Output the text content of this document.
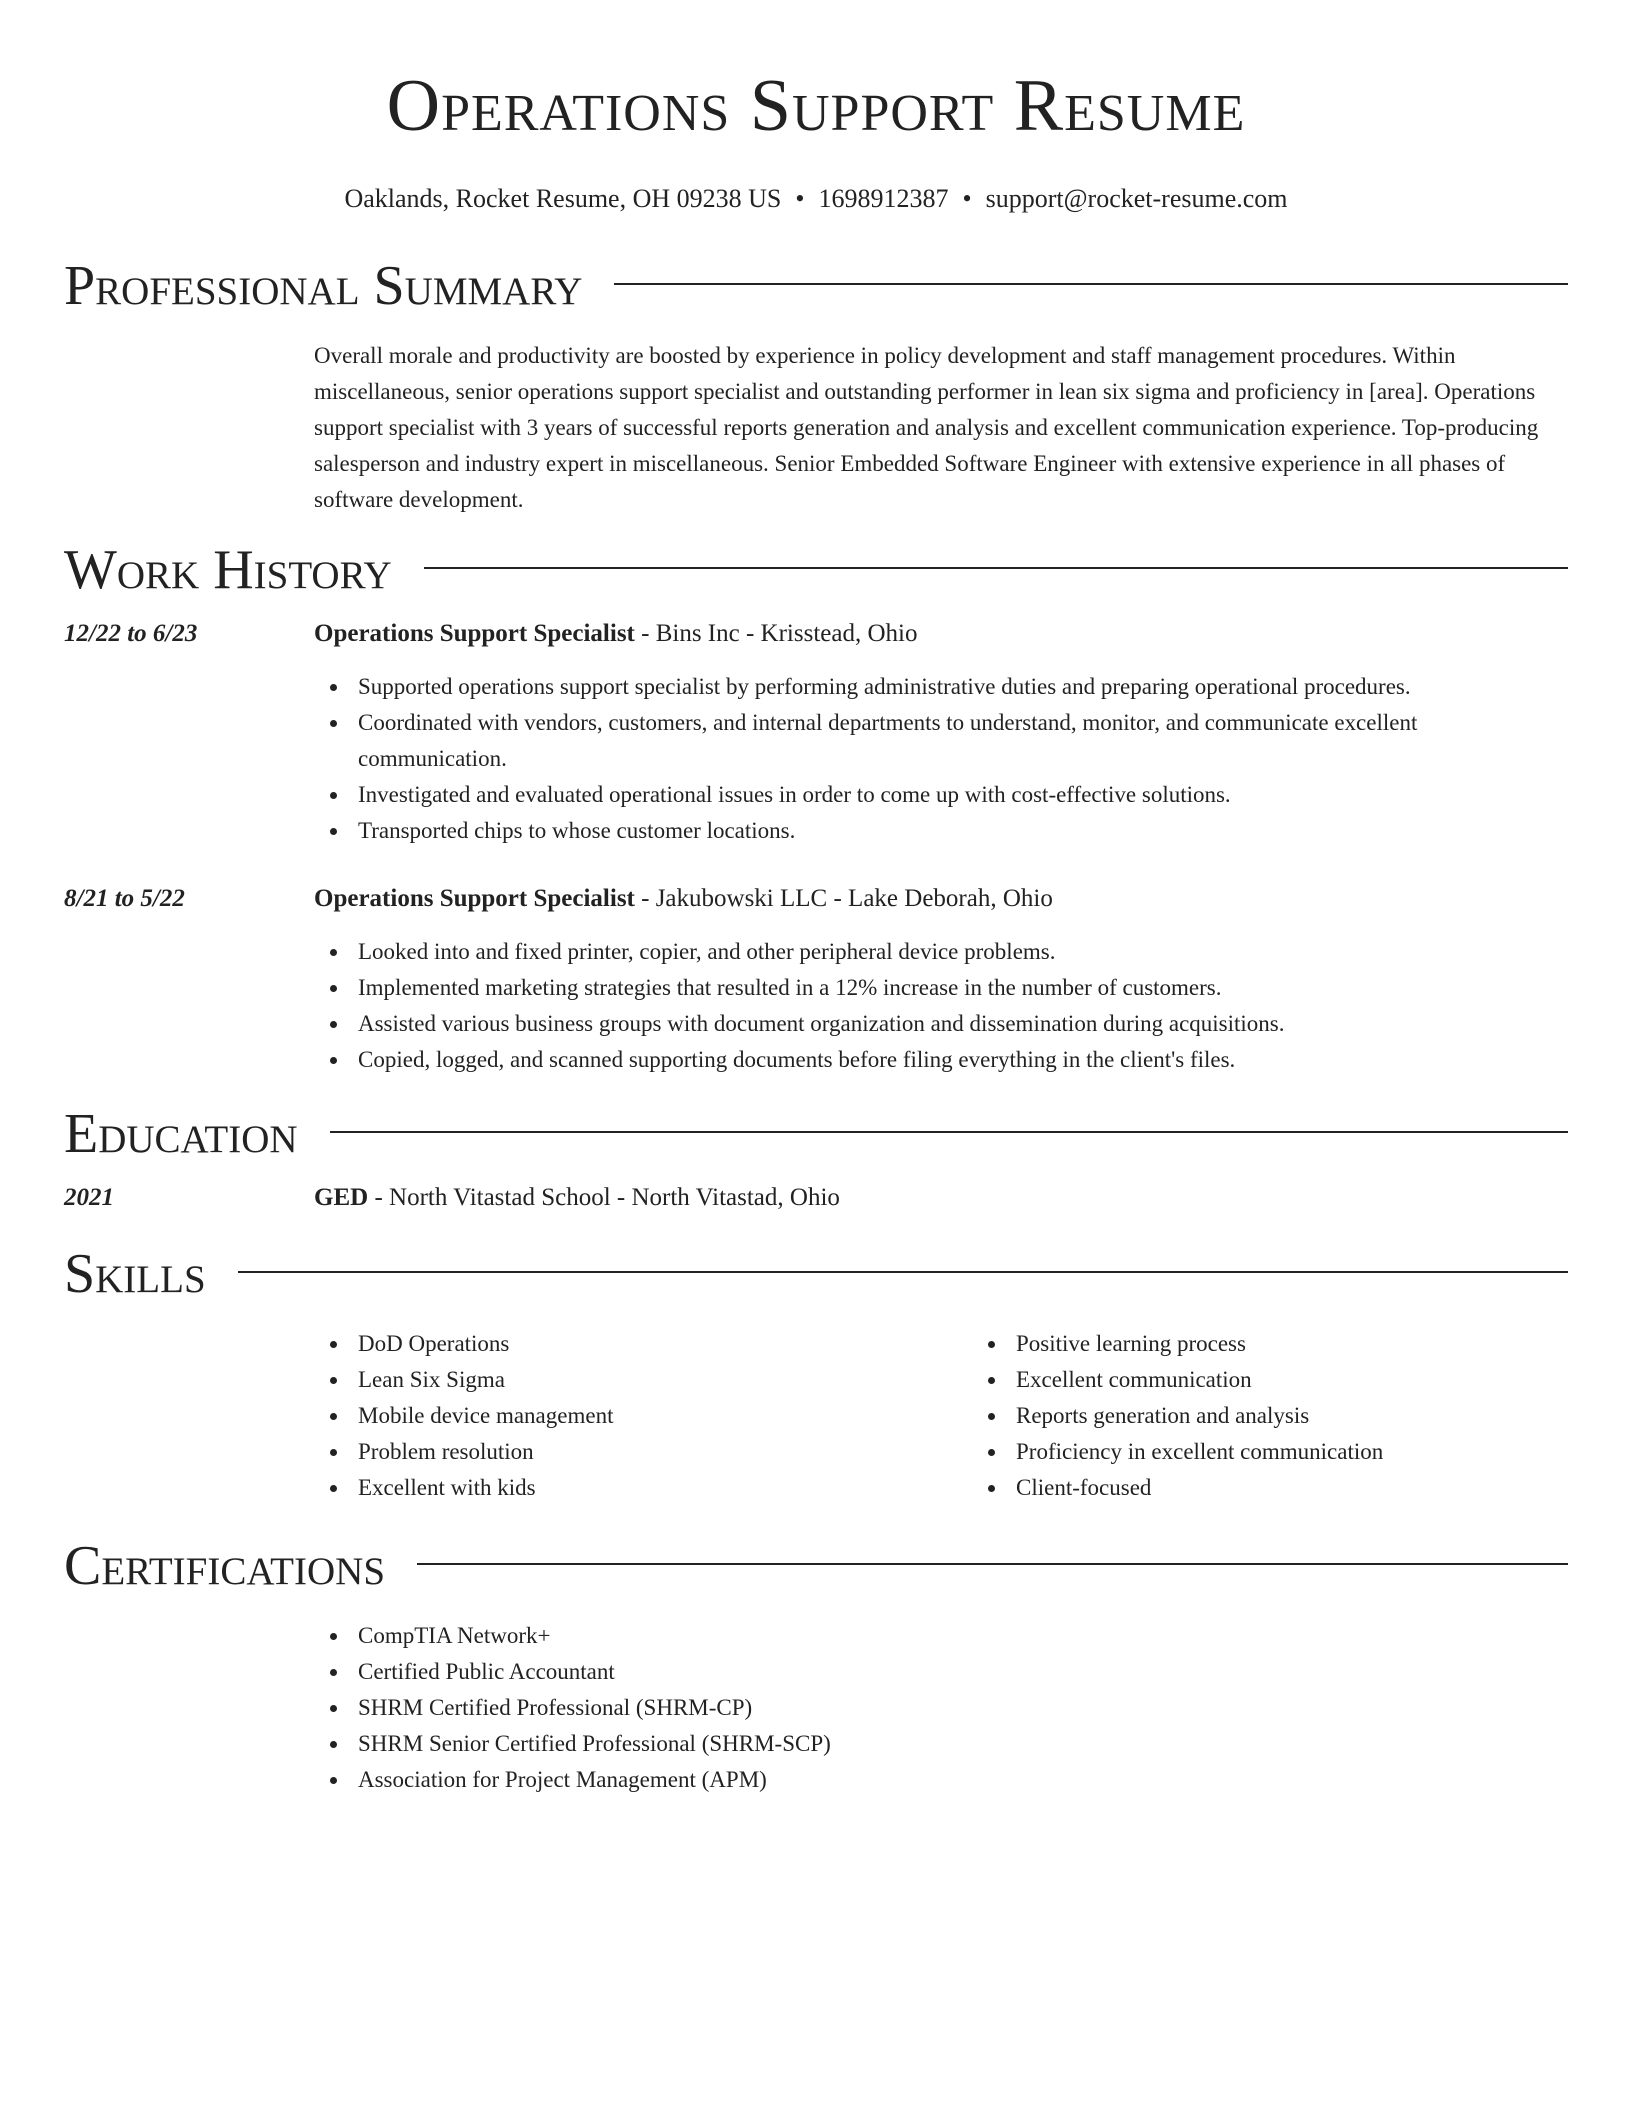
Operations Support Resume
Oaklands, Rocket Resume, OH 09238 US • 1698912387 • support@rocket-resume.com
Professional Summary

Overall morale and productivity are boosted by experience in policy development and staff management procedures. Within miscellaneous, senior operations support specialist and outstanding performer in lean six sigma and proficiency in [area]. Operations support specialist with 3 years of successful reports generation and analysis and excellent communication experience. Top-producing salesperson and industry expert in miscellaneous. Senior Embedded Software Engineer with extensive experience in all phases of software development.

Work History
12/22 to 6/23	Operations Support Specialist - Bins Inc - Krisstead, Ohio
Supported operations support specialist by performing administrative duties and preparing operational procedures.
Coordinated with vendors, customers, and internal departments to understand, monitor, and communicate excellent communication.
Investigated and evaluated operational issues in order to come up with cost-effective solutions.
Transported chips to whose customer locations.
8/21 to 5/22	Operations Support Specialist - Jakubowski LLC - Lake Deborah, Ohio
Looked into and fixed printer, copier, and other peripheral device problems.
Implemented marketing strategies that resulted in a 12% increase in the number of customers.
Assisted various business groups with document organization and dissemination during acquisitions.
Copied, logged, and scanned supporting documents before filing everything in the client's files.
Education
2021	GED - North Vitastad School - North Vitastad, Ohio
Skills
DoD Operations
Lean Six Sigma
Mobile device management
Problem resolution
Excellent with kids
Positive learning process
Excellent communication
Reports generation and analysis
Proficiency in excellent communication
Client-focused
Certifications
CompTIA Network+
Certified Public Accountant
SHRM Certified Professional (SHRM-CP)
SHRM Senior Certified Professional (SHRM-SCP)
Association for Project Management (APM)
